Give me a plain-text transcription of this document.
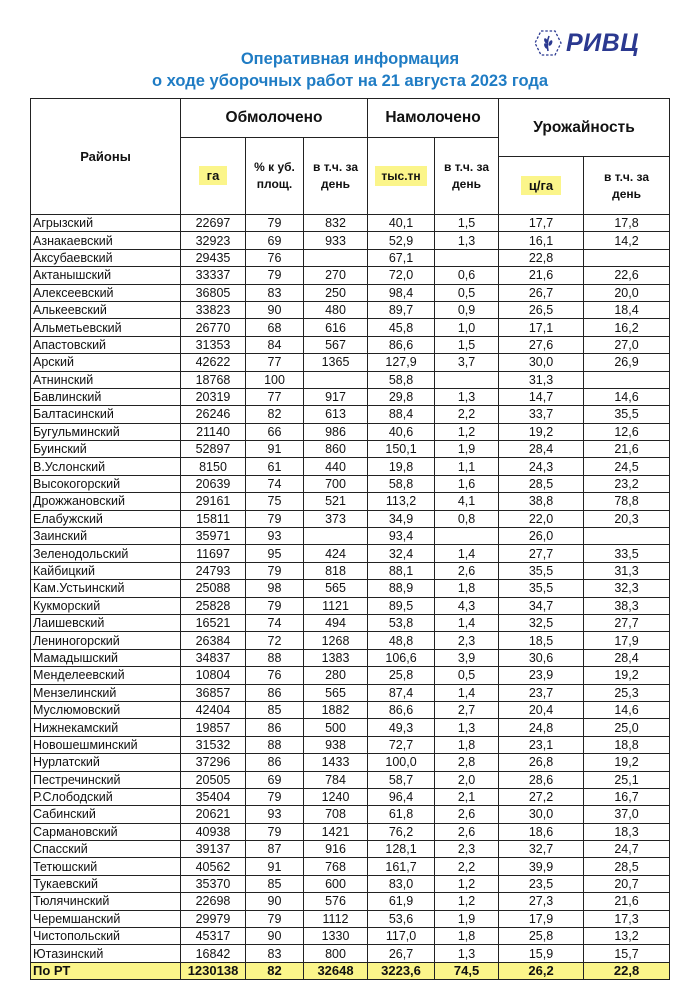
РИВЦ
Оперативная информация
о ходе уборочных работ на 21 августа 2023 года
Районы	Обмолочено			Намолочено		Урожайность	
	га	% к уб. площ.	в т.ч. за день	тыс.тн	в т.ч. за день		
						ц/га	в т.ч. за день
Агрызский	22697	79	832	40,1	1,5	17,7	17,8
Азнакаевский	32923	69	933	52,9	1,3	16,1	14,2
Аксубаевский	29435	76		67,1		22,8	
Актанышский	33337	79	270	72,0	0,6	21,6	22,6
Алексеевский	36805	83	250	98,4	0,5	26,7	20,0
Алькеевский	33823	90	480	89,7	0,9	26,5	18,4
Альметьевский	26770	68	616	45,8	1,0	17,1	16,2
Апастовский	31353	84	567	86,6	1,5	27,6	27,0
Арский	42622	77	1365	127,9	3,7	30,0	26,9
Атнинский	18768	100		58,8		31,3	
Бавлинский	20319	77	917	29,8	1,3	14,7	14,6
Балтасинский	26246	82	613	88,4	2,2	33,7	35,5
Бугульминский	21140	66	986	40,6	1,2	19,2	12,6
Буинский	52897	91	860	150,1	1,9	28,4	21,6
В.Услонский	8150	61	440	19,8	1,1	24,3	24,5
Высокогорский	20639	74	700	58,8	1,6	28,5	23,2
Дрожжановский	29161	75	521	113,2	4,1	38,8	78,8
Елабужский	15811	79	373	34,9	0,8	22,0	20,3
Заинский	35971	93		93,4		26,0	
Зеленодольский	11697	95	424	32,4	1,4	27,7	33,5
Кайбицкий	24793	79	818	88,1	2,6	35,5	31,3
Кам.Устьинский	25088	98	565	88,9	1,8	35,5	32,3
Кукморский	25828	79	1121	89,5	4,3	34,7	38,3
Лаишевский	16521	74	494	53,8	1,4	32,5	27,7
Лениногорский	26384	72	1268	48,8	2,3	18,5	17,9
Мамадышский	34837	88	1383	106,6	3,9	30,6	28,4
Менделеевский	10804	76	280	25,8	0,5	23,9	19,2
Мензелинский	36857	86	565	87,4	1,4	23,7	25,3
Муслюмовский	42404	85	1882	86,6	2,7	20,4	14,6
Нижнекамский	19857	86	500	49,3	1,3	24,8	25,0
Новошешминский	31532	88	938	72,7	1,8	23,1	18,8
Нурлатский	37296	86	1433	100,0	2,8	26,8	19,2
Пестречинский	20505	69	784	58,7	2,0	28,6	25,1
Р.Слободский	35404	79	1240	96,4	2,1	27,2	16,7
Сабинский	20621	93	708	61,8	2,6	30,0	37,0
Сармановский	40938	79	1421	76,2	2,6	18,6	18,3
Спасский	39137	87	916	128,1	2,3	32,7	24,7
Тетюшский	40562	91	768	161,7	2,2	39,9	28,5
Тукаевский	35370	85	600	83,0	1,2	23,5	20,7
Тюлячинский	22698	90	576	61,9	1,2	27,3	21,6
Черемшанский	29979	79	1112	53,6	1,9	17,9	17,3
Чистопольский	45317	90	1330	117,0	1,8	25,8	13,2
Ютазинский	16842	83	800	26,7	1,3	15,9	15,7
По РТ	1230138	82	32648	3223,6	74,5	26,2	22,8
